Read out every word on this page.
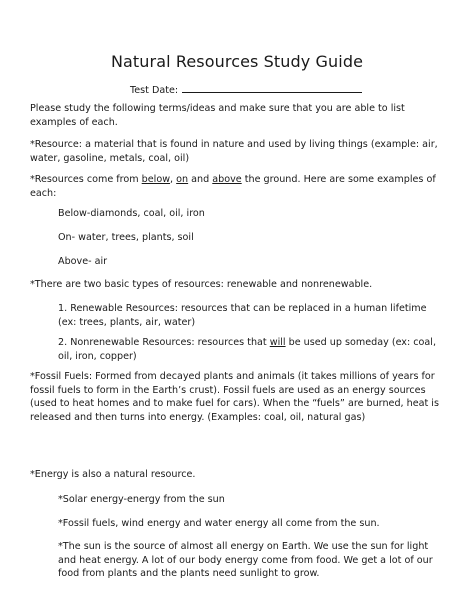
Natural Resources Study Guide
Test Date:

Please study the following terms/ideas and make sure that you are able to list examples of each.

*Resource: a material that is found in nature and used by living things (example: air, water, gasoline, metals, coal, oil)

*Resources come from below, on and above the ground. Here are some examples of each:

Below-diamonds, coal, oil, iron

On- water, trees, plants, soil

Above- air

*There are two basic types of resources: renewable and nonrenewable.

1. Renewable Resources: resources that can be replaced in a human lifetime (ex: trees, plants, air, water)

2. Nonrenewable Resources: resources that will be used up someday (ex: coal, oil, iron, copper)

*Fossil Fuels: Formed from decayed plants and animals (it takes millions of years for fossil fuels to form in the Earth’s crust). Fossil fuels are used as an energy sources (used to heat homes and to make fuel for cars). When the “fuels” are burned, heat is released and then turns into energy. (Examples: coal, oil, natural gas)

*Energy is also a natural resource.

*Solar energy-energy from the sun

*Fossil fuels, wind energy and water energy all come from the sun.

*The sun is the source of almost all energy on Earth. We use the sun for light and heat energy. A lot of our body energy come from food. We get a lot of our food from plants and the plants need sunlight to grow.
